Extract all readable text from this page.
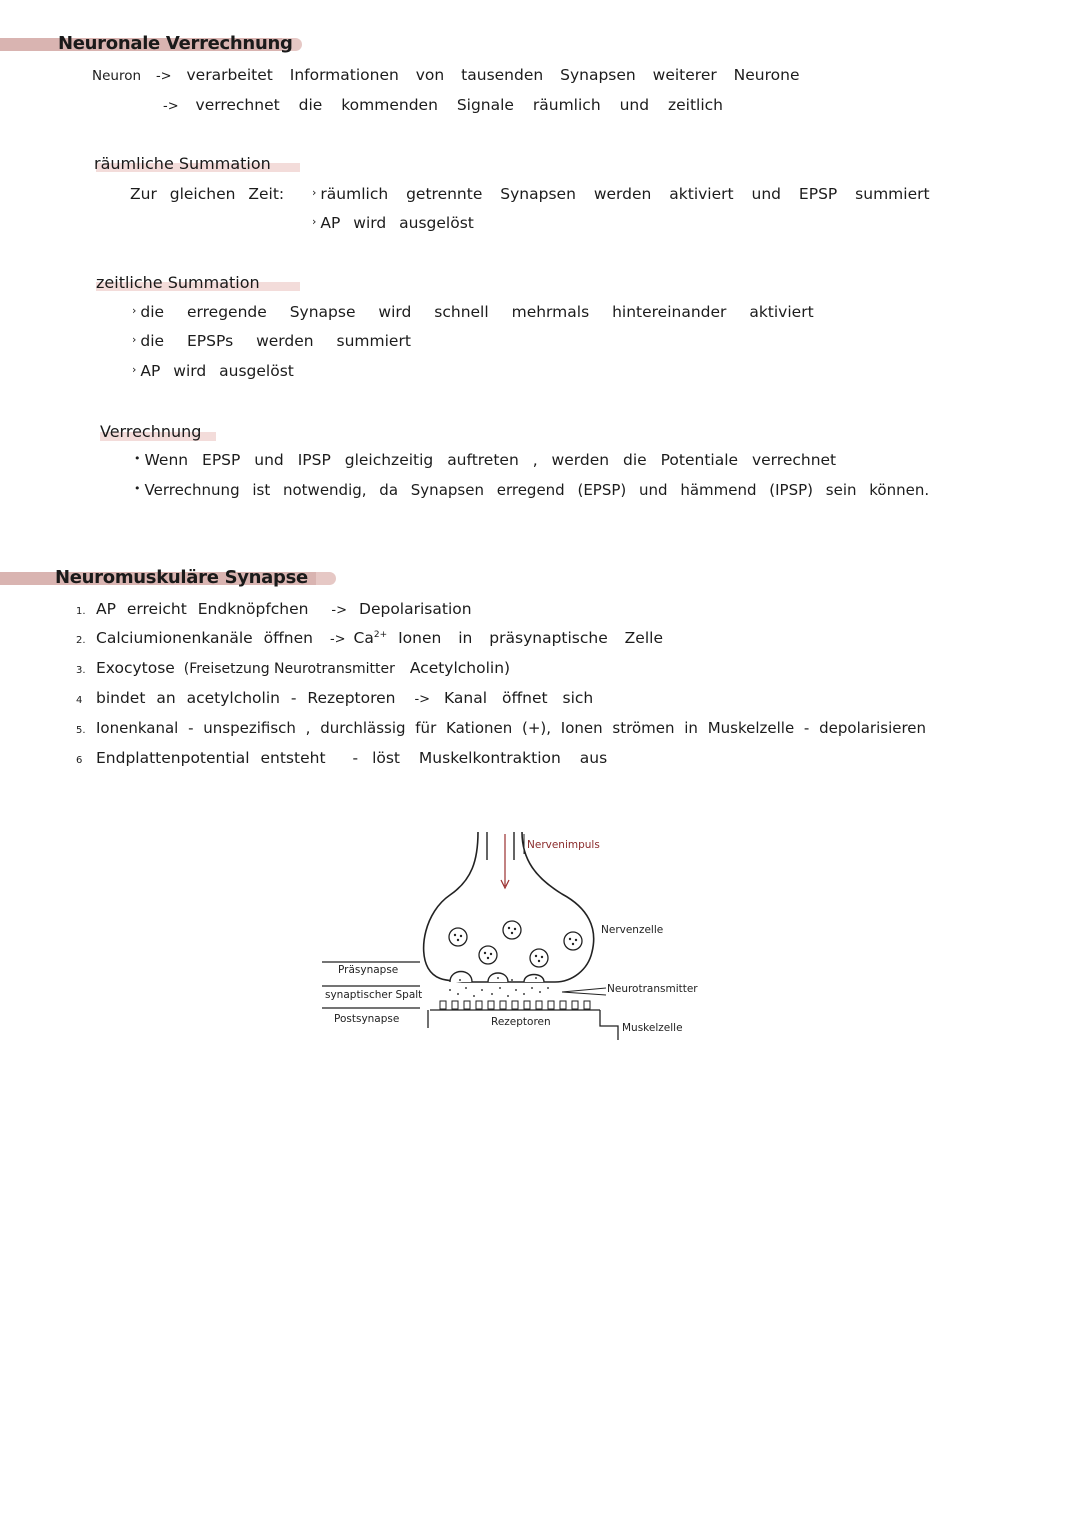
Neuronale Verrechnung
Neuron -> verarbeitet Informationen von tausenden Synapsen weiterer Neurone
-> verrechnet die kommenden Signale räumlich und zeitlich
räumliche Summation
Zur gleichen Zeit:	› räumlich getrennte Synapsen werden aktiviert und EPSP summiert
› AP wird ausgelöst
zeitliche Summation
› die erregende Synapse wird schnell mehrmals hintereinander aktiviert
› die EPSPs werden summiert
› AP wird ausgelöst
Verrechnung
• Wenn EPSP und IPSP gleichzeitig auftreten , werden die Potentiale verrechnet
• Verrechnung ist notwendig, da Synapsen erregend (EPSP) und hämmend (IPSP) sein können.
Neuromuskuläre Synapse
1. AP erreicht Endknöpfchen -> Depolarisation
2. Calciumionenkanäle öffnen -> $Ca^{2+}$ Ionen in präsynaptische Zelle
3. Exocytose (Freisetzung Neurotransmitter Acetylcholin)
4 bindet an acetylcholin - Rezeptoren -> Kanal öffnet sich
5. Ionenkanal - unspezifisch , durchlässig für Kationen (+), Ionen strömen in Muskelzelle - depolarisieren
6 Endplattenpotential entsteht - löst Muskelkontraktion aus
Nervenimpuls
Nervenzelle
Neurotransmitter
Rezeptoren	Muskelzelle
Präsynapse
synaptischer Spalt
Postsynapse
